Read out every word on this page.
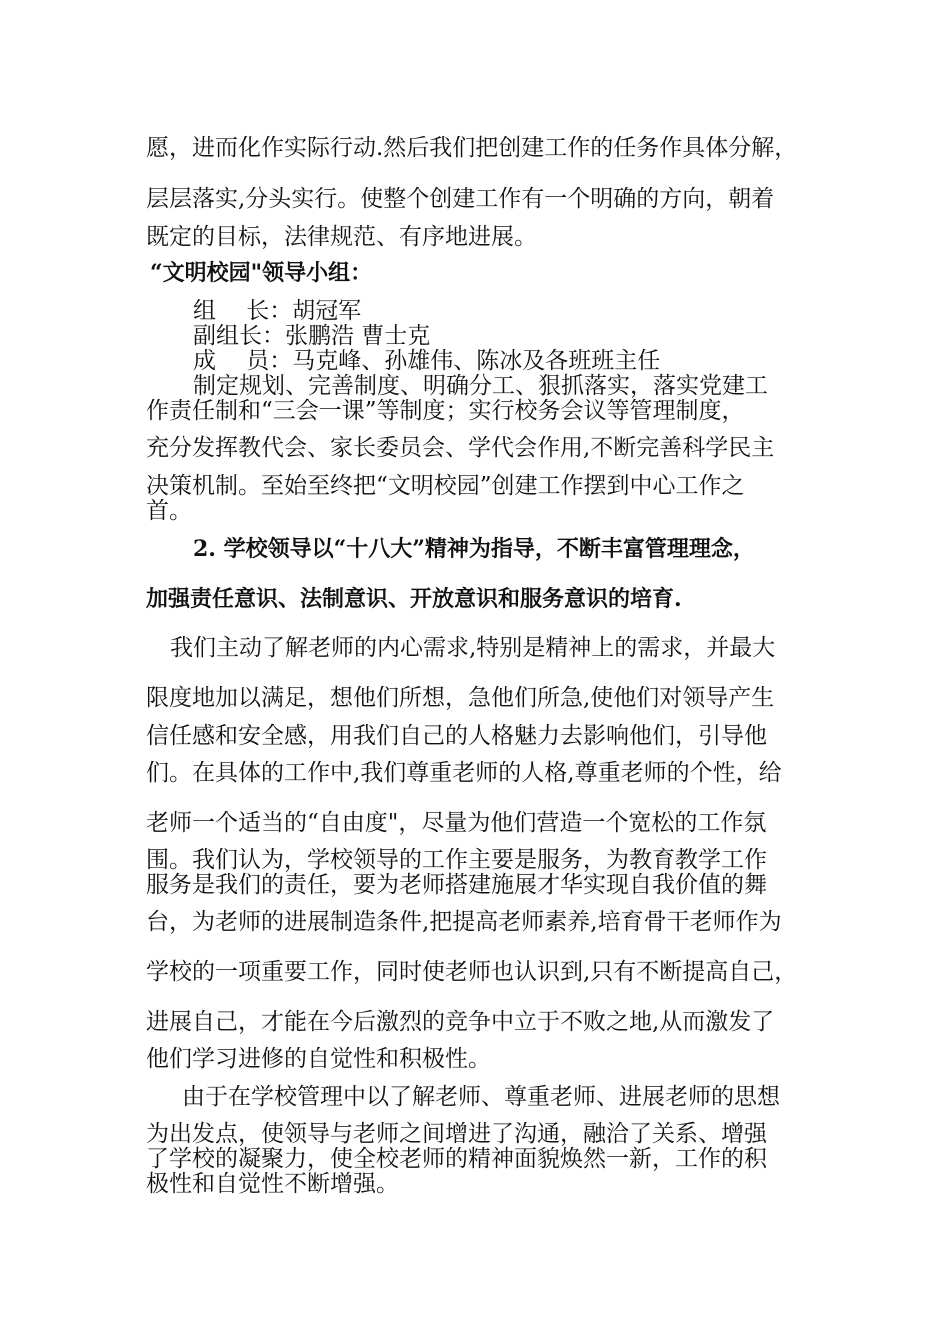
愿，进而化作实际行动.然后我们把创建工作的任务作具体分解，
层层落实,分头实行。使整个创建工作有一个明确的方向，朝着
既定的目标，法律规范、有序地进展。
“文明校园"领导小组：
组　 长：胡冠军
副组长：张鹏浩 曹士克
成　 员：马克峰、孙雄伟、陈冰及各班班主任
制定规划、完善制度、明确分工、狠抓落实，落实党建工
作责任制和“三会一课”等制度；实行校务会议等管理制度，
充分发挥教代会、家长委员会、学代会作用,不断完善科学民主
决策机制。至始至终把“文明校园”创建工作摆到中心工作之
首。
2. 学校领导以“十八大”精神为指导，不断丰富管理理念，
加强责任意识、法制意识、开放意识和服务意识的培育.
我们主动了解老师的内心需求,特别是精神上的需求，并最大
限度地加以满足，想他们所想，急他们所急,使他们对领导产生
信任感和安全感，用我们自己的人格魅力去影响他们，引导他
们。在具体的工作中,我们尊重老师的人格,尊重老师的个性，给
老师一个适当的“自由度"，尽量为他们营造一个宽松的工作氛
围。我们认为，学校领导的工作主要是服务，为教育教学工作
服务是我们的责任，要为老师搭建施展才华实现自我价值的舞
台，为老师的进展制造条件,把提高老师素养,培育骨干老师作为
学校的一项重要工作，同时使老师也认识到,只有不断提高自己，
进展自己，才能在今后激烈的竞争中立于不败之地,从而激发了
他们学习进修的自觉性和积极性。
由于在学校管理中以了解老师、尊重老师、进展老师的思想
为出发点，使领导与老师之间增进了沟通，融洽了关系、增强
了学校的凝聚力，使全校老师的精神面貌焕然一新，工作的积
极性和自觉性不断增强。
